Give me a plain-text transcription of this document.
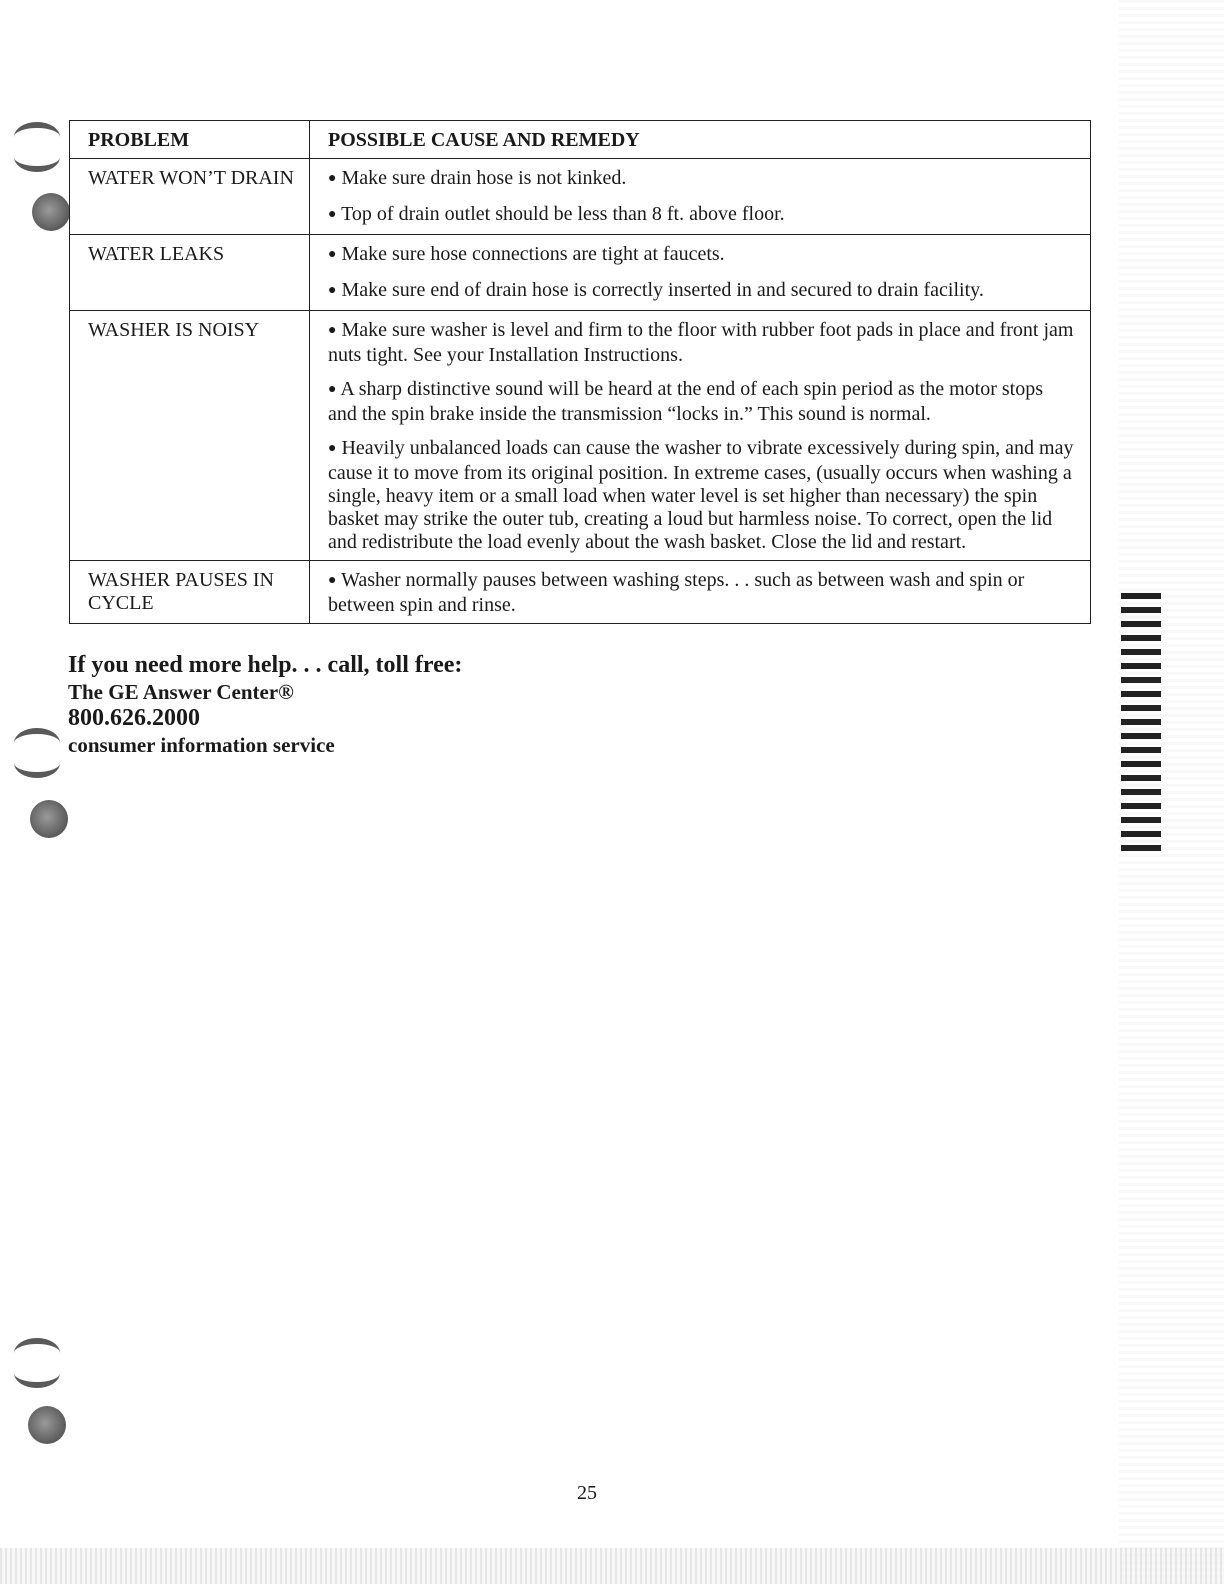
PROBLEM	POSSIBLE CAUSE AND REMEDY
WATER WON’T DRAIN	● Make sure drain hose is not kinked.
● Top of drain outlet should be less than 8 ft. above floor.

WATER LEAKS	● Make sure hose connections are tight at faucets.
● Make sure end of drain hose is correctly inserted in and secured to drain facility.

WASHER IS NOISY	● Make sure washer is level and firm to the floor with rubber foot pads in place and front jam nuts tight. See your Installation Instructions.
● A sharp distinctive sound will be heard at the end of each spin period as the motor stops and the spin brake inside the transmission “locks in.” This sound is normal.
● Heavily unbalanced loads can cause the washer to vibrate excessively during spin, and may cause it to move from its original position. In extreme cases, (usually occurs when washing a single, heavy item or a small load when water level is set higher than necessary) the spin basket may strike the outer tub, creating a loud but harmless noise. To correct, open the lid and redistribute the load evenly about the wash basket. Close the lid and restart.

WASHER PAUSES IN CYCLE	● Washer normally pauses between washing steps. . . such as between wash and spin or between spin and rinse.
If you need more help. . . call, toll free:
The GE Answer Center®
800.626.2000
consumer information service
25
